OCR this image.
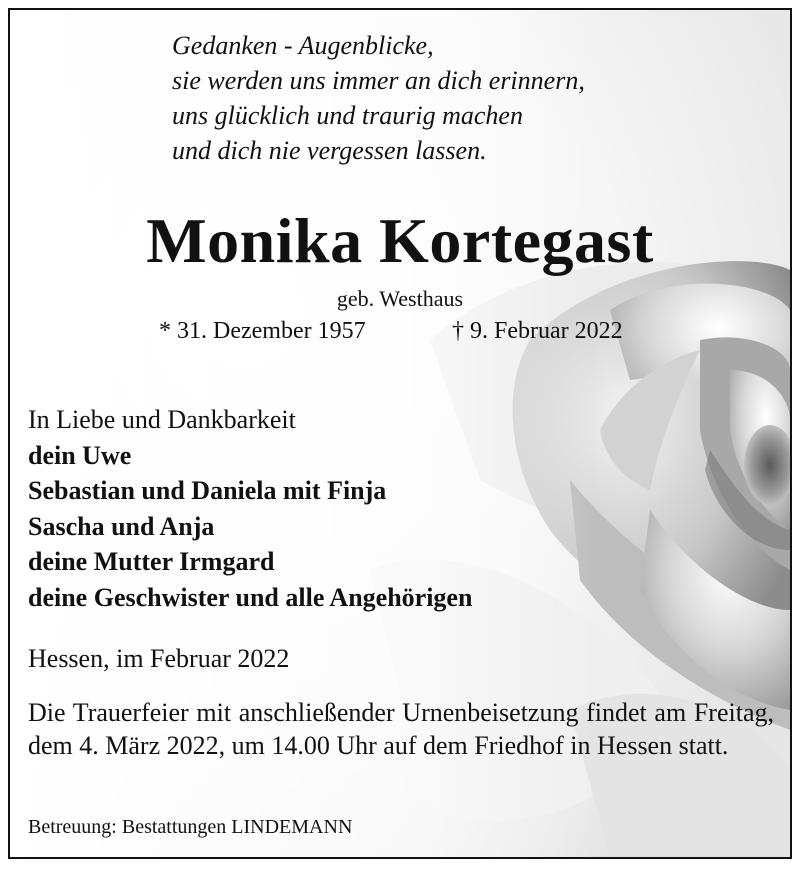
Gedanken - Augenblicke,
sie werden uns immer an dich erinnern,
uns glücklich und traurig machen
und dich nie vergessen lassen.
Monika Kortegast
geb. Westhaus
* 31. Dezember 1957	† 9. Februar 2022
In Liebe und Dankbarkeit
dein Uwe
Sebastian und Daniela mit Finja
Sascha und Anja
deine Mutter Irmgard
deine Geschwister und alle Angehörigen
Hessen, im Februar 2022

Die Trauerfeier mit anschließender Urnenbeisetzung findet am Freitag, dem 4. März 2022, um 14.00 Uhr auf dem Friedhof in Hessen statt.

Betreuung: Bestattungen LINDEMANN
